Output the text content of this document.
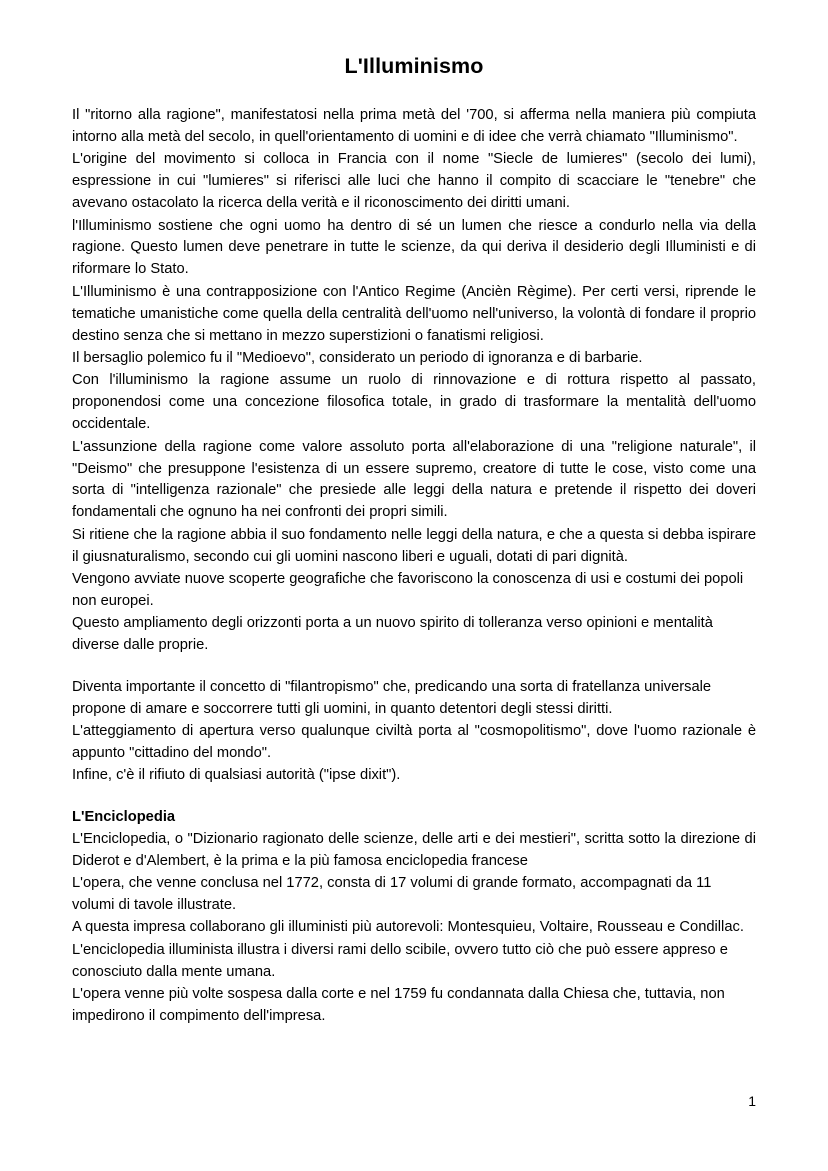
L'Illuminismo

Il "ritorno alla ragione", manifestatosi nella prima metà del '700, si afferma nella maniera più compiuta intorno alla metà del secolo, in quell'orientamento di uomini e di idee che verrà chiamato "Illuminismo".

L'origine del movimento si colloca in Francia con il nome "Siecle de lumieres" (secolo dei lumi), espressione in cui "lumieres" si riferisci alle luci che hanno il compito di scacciare le "tenebre" che avevano ostacolato la ricerca della verità e il riconoscimento dei diritti umani.

l'Illuminismo sostiene che ogni uomo ha dentro di sé un lumen che riesce a condurlo nella via della ragione. Questo lumen deve penetrare in tutte le scienze, da qui deriva il desiderio degli Illuministi e di riformare lo Stato.

L'Illuminismo è una contrapposizione con l'Antico Regime (Ancièn Règime). Per certi versi, riprende le tematiche umanistiche come quella della centralità dell'uomo nell'universo, la volontà di fondare il proprio destino senza che si mettano in mezzo superstizioni o fanatismi religiosi.

Il bersaglio polemico fu il "Medioevo", considerato un periodo di ignoranza e di barbarie.

Con l'illuminismo la ragione assume un ruolo di rinnovazione e di rottura rispetto al passato, proponendosi come una concezione filosofica totale, in grado di trasformare la mentalità dell'uomo occidentale.

L'assunzione della ragione come valore assoluto porta all'elaborazione di una "religione naturale", il "Deismo" che presuppone l'esistenza di un essere supremo, creatore di tutte le cose, visto come una sorta di "intelligenza razionale" che presiede alle leggi della natura e pretende il rispetto dei doveri fondamentali che ognuno ha nei confronti dei propri simili.

Si ritiene che la ragione abbia il suo fondamento nelle leggi della natura, e che a questa si debba ispirare il giusnaturalismo, secondo cui gli uomini nascono liberi e uguali, dotati di pari dignità.

Vengono avviate nuove scoperte geografiche che favoriscono la conoscenza di usi e costumi dei popoli non europei.

Questo ampliamento degli orizzonti porta a un nuovo spirito di tolleranza verso opinioni e mentalità diverse dalle proprie.

Diventa importante il concetto di "filantropismo" che, predicando una sorta di fratellanza universale propone di amare e soccorrere tutti gli uomini, in quanto detentori degli stessi diritti.

L'atteggiamento di apertura verso qualunque civiltà porta al "cosmopolitismo", dove l'uomo razionale è appunto "cittadino del mondo".

Infine, c'è il rifiuto di qualsiasi autorità ("ipse dixit").

L'Enciclopedia

L'Enciclopedia, o "Dizionario ragionato delle scienze, delle arti e dei mestieri", scritta sotto la direzione di Diderot e d'Alembert, è la prima e la più famosa enciclopedia francese

L'opera, che venne conclusa nel 1772, consta di 17 volumi di grande formato, accompagnati da 11 volumi di tavole illustrate.

A questa impresa collaborano gli illuministi più autorevoli: Montesquieu, Voltaire, Rousseau e Condillac.

L'enciclopedia illuminista illustra i diversi rami dello scibile, ovvero tutto ciò che può essere appreso e conosciuto dalla mente umana.

L'opera venne più volte sospesa dalla corte e nel 1759 fu condannata dalla Chiesa che, tuttavia, non impedirono il compimento dell'impresa.

1
